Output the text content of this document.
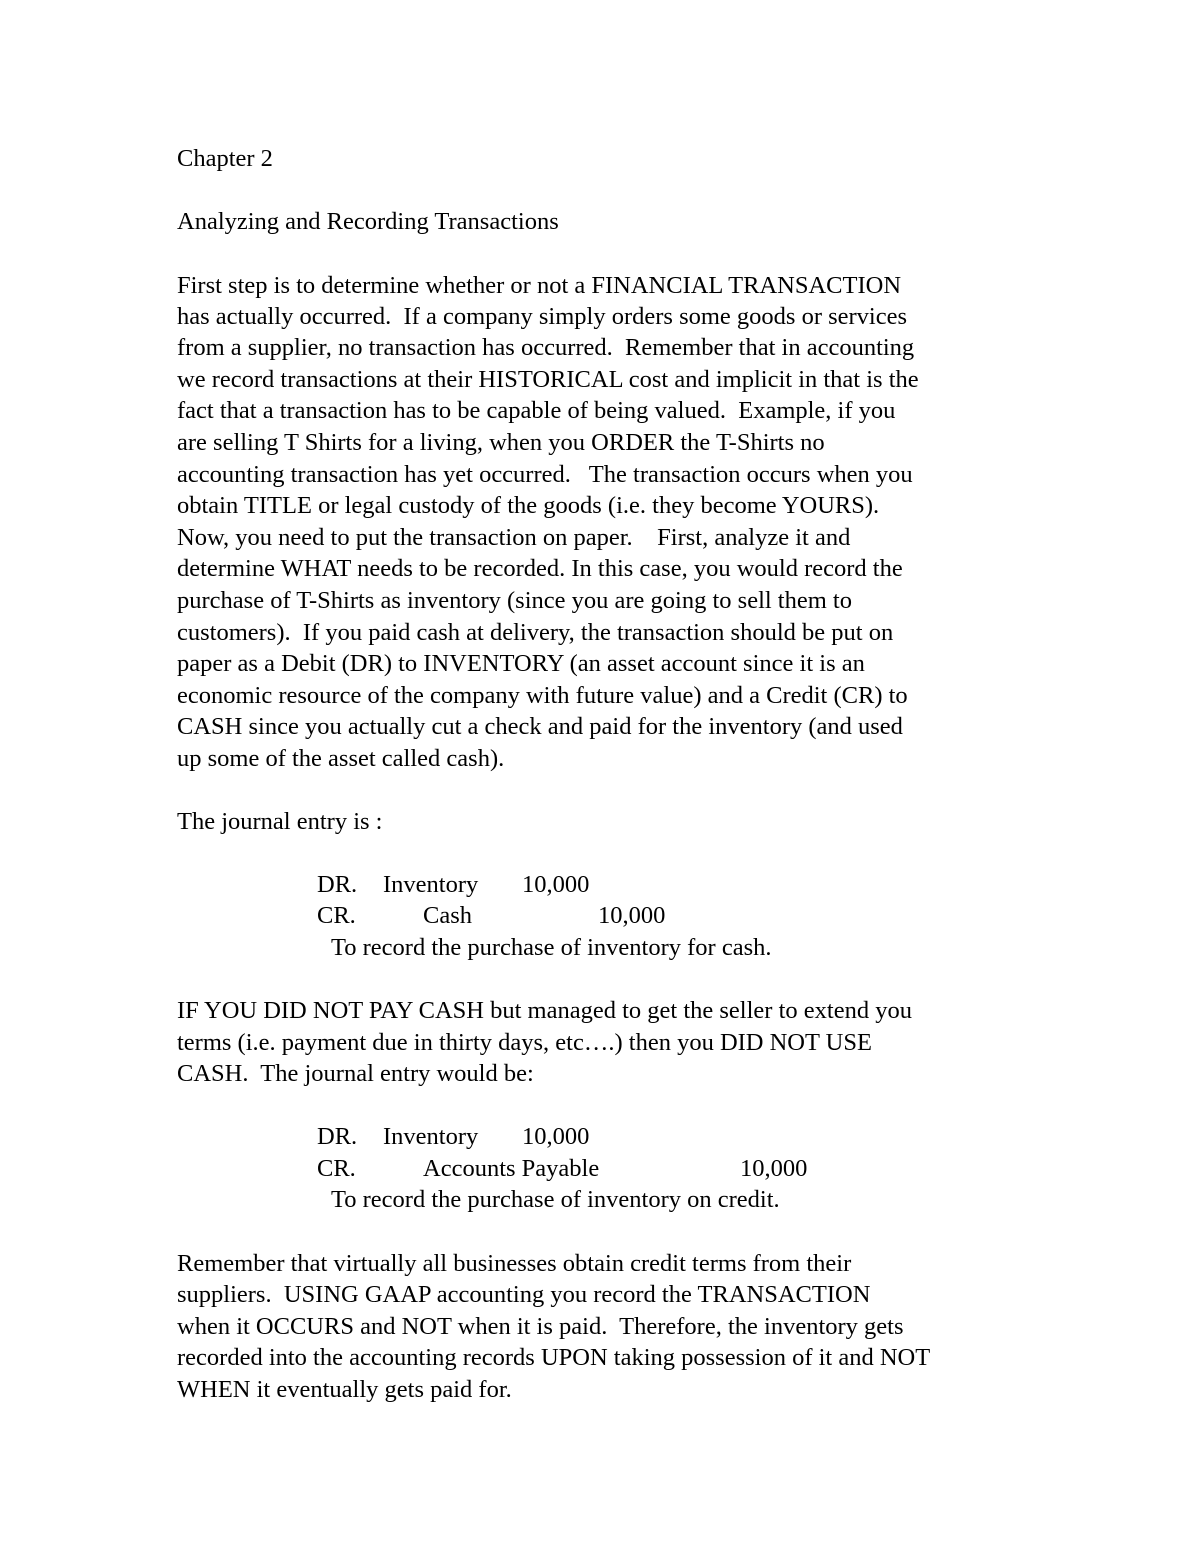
Chapter 2
Analyzing and Recording Transactions
First step is to determine whether or not a FINANCIAL TRANSACTION
has actually occurred.  If a company simply orders some goods or services
from a supplier, no transaction has occurred.  Remember that in accounting
we record transactions at their HISTORICAL cost and implicit in that is the
fact that a transaction has to be capable of being valued.  Example, if you
are selling T Shirts for a living, when you ORDER the T-Shirts no
accounting transaction has yet occurred.   The transaction occurs when you
obtain TITLE or legal custody of the goods (i.e. they become YOURS).
Now, you need to put the transaction on paper.    First, analyze it and
determine WHAT needs to be recorded. In this case, you would record the
purchase of T-Shirts as inventory (since you are going to sell them to
customers).  If you paid cash at delivery, the transaction should be put on
paper as a Debit (DR) to INVENTORY (an asset account since it is an
economic resource of the company with future value) and a Credit (CR) to
CASH since you actually cut a check and paid for the inventory (and used
up some of the asset called cash).
The journal entry is :
DR. Inventory 10,000
CR.	Cash	10,000
To record the purchase of inventory for cash.
IF YOU DID NOT PAY CASH but managed to get the seller to extend you
terms (i.e. payment due in thirty days, etc….) then you DID NOT USE
CASH.  The journal entry would be:
DR. Inventory 10,000
CR.	Accounts Payable	10,000
To record the purchase of inventory on credit.
Remember that virtually all businesses obtain credit terms from their
suppliers.  USING GAAP accounting you record the TRANSACTION
when it OCCURS and NOT when it is paid.  Therefore, the inventory gets
recorded into the accounting records UPON taking possession of it and NOT
WHEN it eventually gets paid for.
